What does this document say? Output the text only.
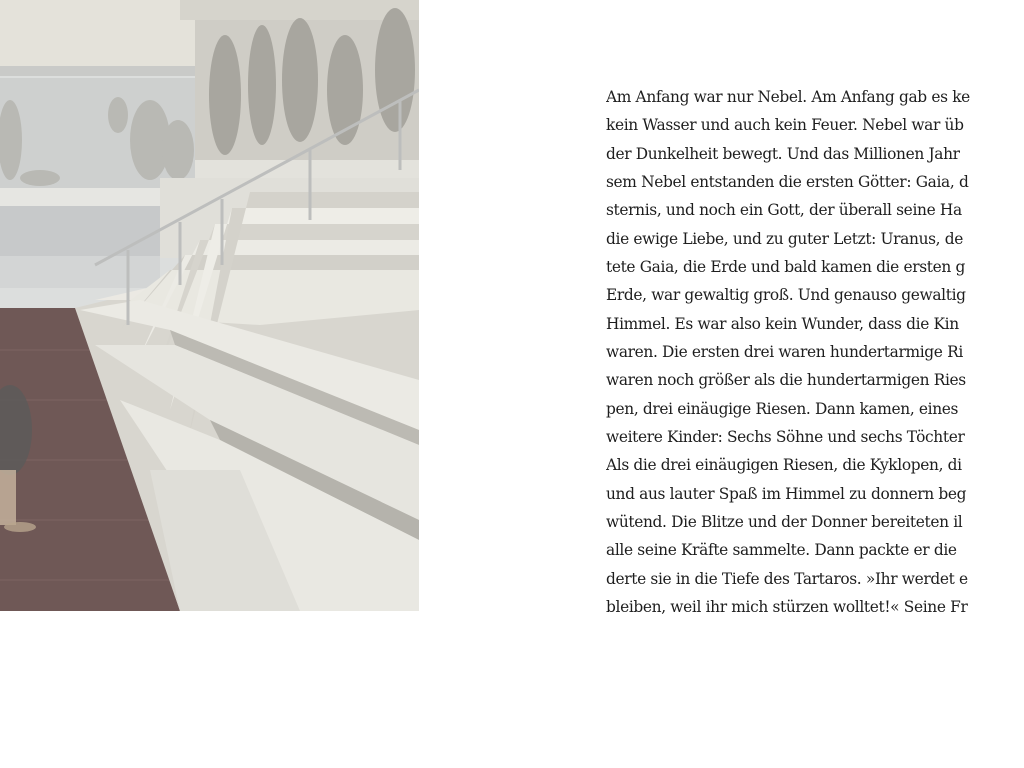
Am Anfang war nur Nebel. Am Anfang gab es ke
kein Wasser und auch kein Feuer. Nebel war üb
der Dunkelheit bewegt. Und das Millionen Jahr
sem Nebel entstanden die ersten Götter: Gaia, d
sternis, und noch ein Gott, der überall seine Ha
die ewige Liebe, und zu guter Letzt: Uranus, de
tete Gaia, die Erde und bald kamen die ersten g
Erde, war gewaltig groß. Und genauso gewaltig
Himmel. Es war also kein Wunder, dass die Kin
waren. Die ersten drei waren hundertarmige Ri
waren noch größer als die hundertarmigen Ries
pen, drei einäugige Riesen. Dann kamen, eines
weitere Kinder: Sechs Söhne und sechs Töchter
Als die drei einäugigen Riesen, die Kyklopen, di
und aus lauter Spaß im Himmel zu donnern beg
wütend. Die Blitze und der Donner bereiteten il
alle seine Kräfte sammelte. Dann packte er die
derte sie in die Tiefe des Tartaros. »Ihr werdet e
bleiben, weil ihr mich stürzen wolltet!« Seine Fr
